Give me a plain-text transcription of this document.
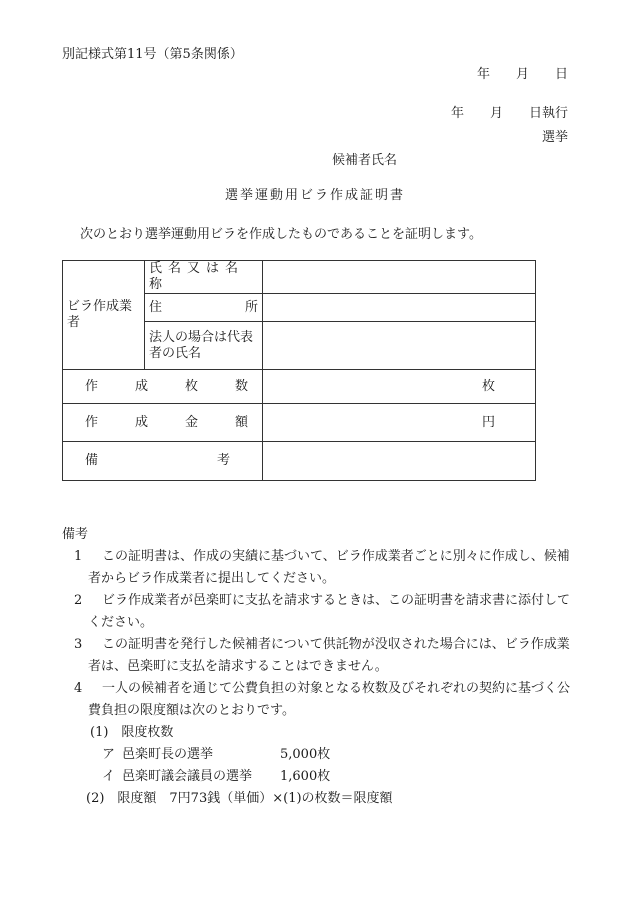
別記様式第11号（第5条関係）
年　　月　　日
年　　月　　日執行
選挙
候補者氏名
選挙運動用ビラ作成証明書
次のとおり選挙運動用ビラを作成したものであることを証明します。
ビラ作成業者	氏名又は名称	

	住 所	

	法人の場合は代表者の氏名	

作 成 枚 数		枚

作 成 金 額		円

備 考		

備考
1	この証明書は、作成の実績に基づいて、ビラ作成業者ごとに別々に作成し、候補者からビラ作成業者に提出してください。
2	ビラ作成業者が邑楽町に支払を請求するときは、この証明書を請求書に添付してください。
3	この証明書を発行した候補者について供託物が没収された場合には、ビラ作成業者は、邑楽町に支払を請求することはできません。
4	一人の候補者を通じて公費負担の対象となる枚数及びそれぞれの契約に基づく公費負担の限度額は次のとおりです。
(1)　限度枚数
ア 邑楽町長の選挙	5,000枚
イ 邑楽町議会議員の選挙 1,600枚
(2)　限度額　7円73銭（単価）×(1)の枚数＝限度額
